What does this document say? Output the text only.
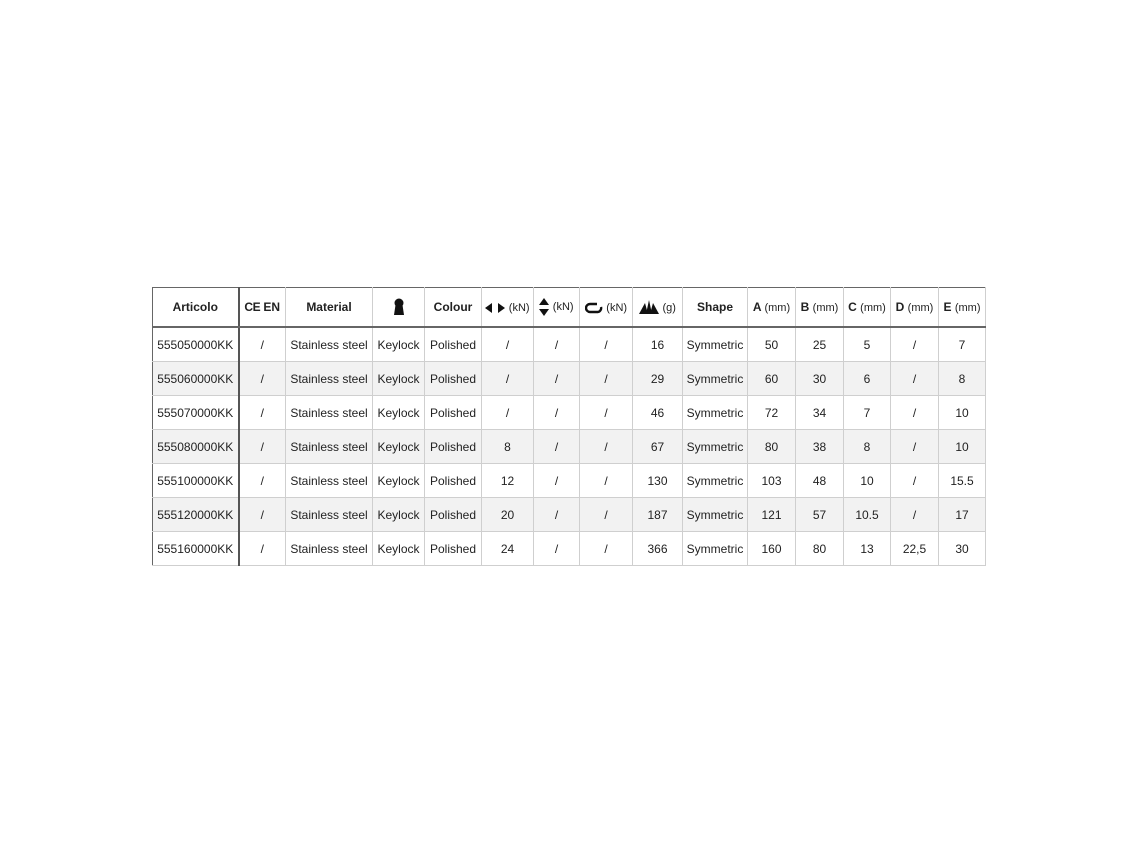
Articolo	CE EN	Material		Colour	(kN)	(kN)	(kN)	(g)	Shape	A (mm)	B (mm)	C (mm)	D (mm)	E (mm)
555050000KK	/	Stainless steel	Keylock	Polished	/	/	/	16	Symmetric	50	25	5	/	7
555060000KK	/	Stainless steel	Keylock	Polished	/	/	/	29	Symmetric	60	30	6	/	8
555070000KK	/	Stainless steel	Keylock	Polished	/	/	/	46	Symmetric	72	34	7	/	10
555080000KK	/	Stainless steel	Keylock	Polished	8	/	/	67	Symmetric	80	38	8	/	10
555100000KK	/	Stainless steel	Keylock	Polished	12	/	/	130	Symmetric	103	48	10	/	15.5
555120000KK	/	Stainless steel	Keylock	Polished	20	/	/	187	Symmetric	121	57	10.5	/	17
555160000KK	/	Stainless steel	Keylock	Polished	24	/	/	366	Symmetric	160	80	13	22,5	30
